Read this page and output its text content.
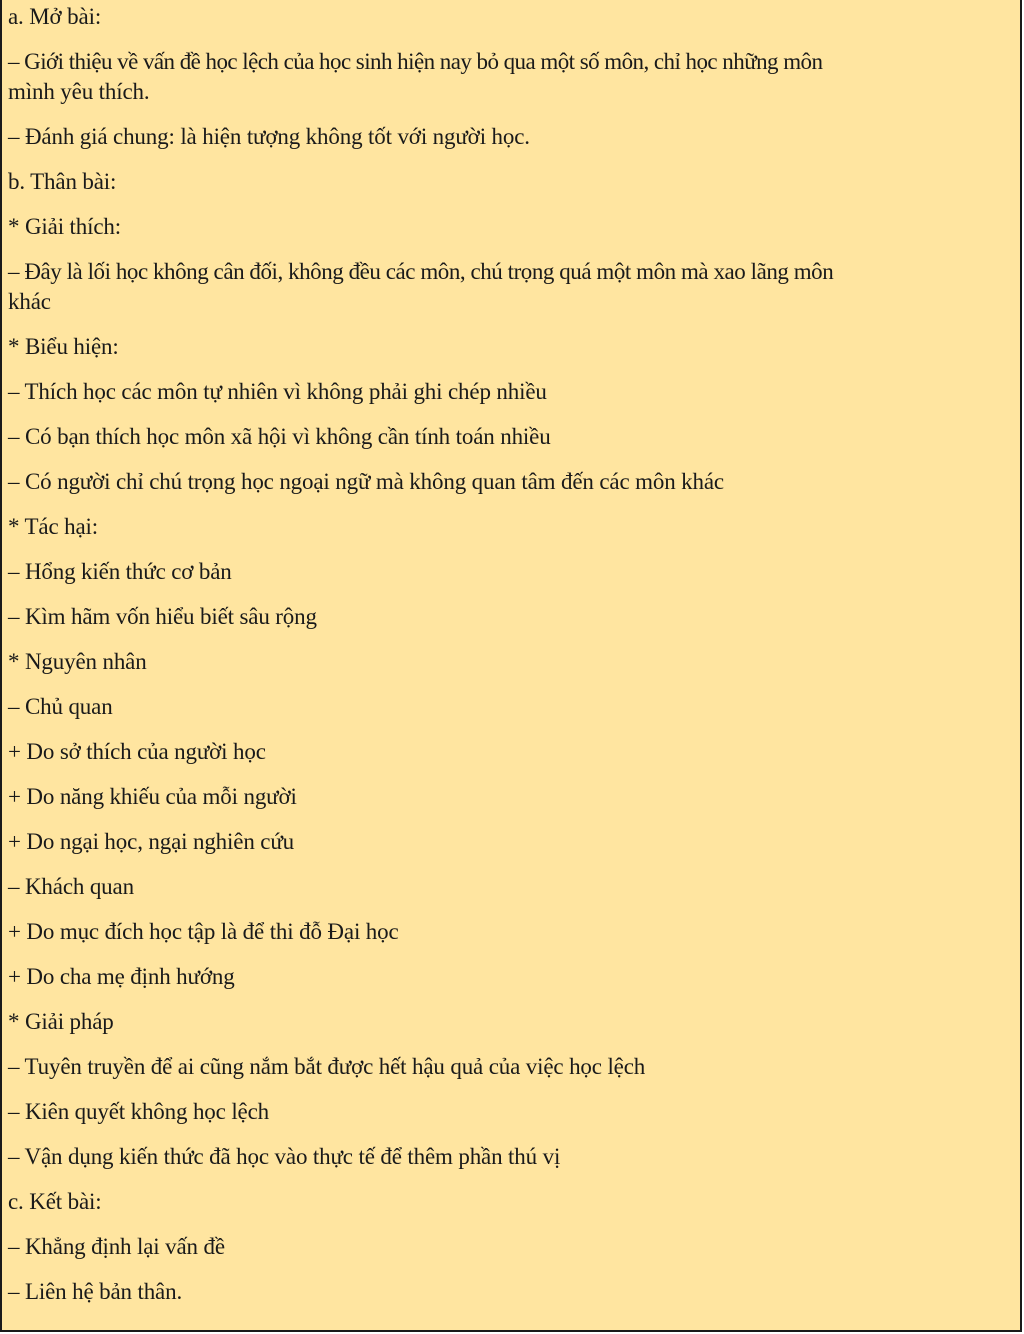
a. Mở bài:

– Giới thiệu về vấn đề học lệch của học sinh hiện nay bỏ qua một số môn, chỉ học những môn

mình yêu thích.

– Đánh giá chung: là hiện tượng không tốt với người học.

b. Thân bài:

* Giải thích:

– Đây là lối học không cân đối, không đều các môn, chú trọng quá một môn mà xao lãng môn

khác

* Biểu hiện:

– Thích học các môn tự nhiên vì không phải ghi chép nhiều

– Có bạn thích học môn xã hội vì không cần tính toán nhiều

– Có người chỉ chú trọng học ngoại ngữ mà không quan tâm đến các môn khác

* Tác hại:

– Hổng kiến thức cơ bản

– Kìm hãm vốn hiểu biết sâu rộng

* Nguyên nhân

– Chủ quan

+ Do sở thích của người học

+ Do năng khiếu của mỗi người

+ Do ngại học, ngại nghiên cứu

– Khách quan

+ Do mục đích học tập là để thi đỗ Đại học

+ Do cha mẹ định hướng

* Giải pháp

– Tuyên truyền để ai cũng nắm bắt được hết hậu quả của việc học lệch

– Kiên quyết không học lệch

– Vận dụng kiến thức đã học vào thực tế để thêm phần thú vị

c. Kết bài:

– Khẳng định lại vấn đề

– Liên hệ bản thân.
